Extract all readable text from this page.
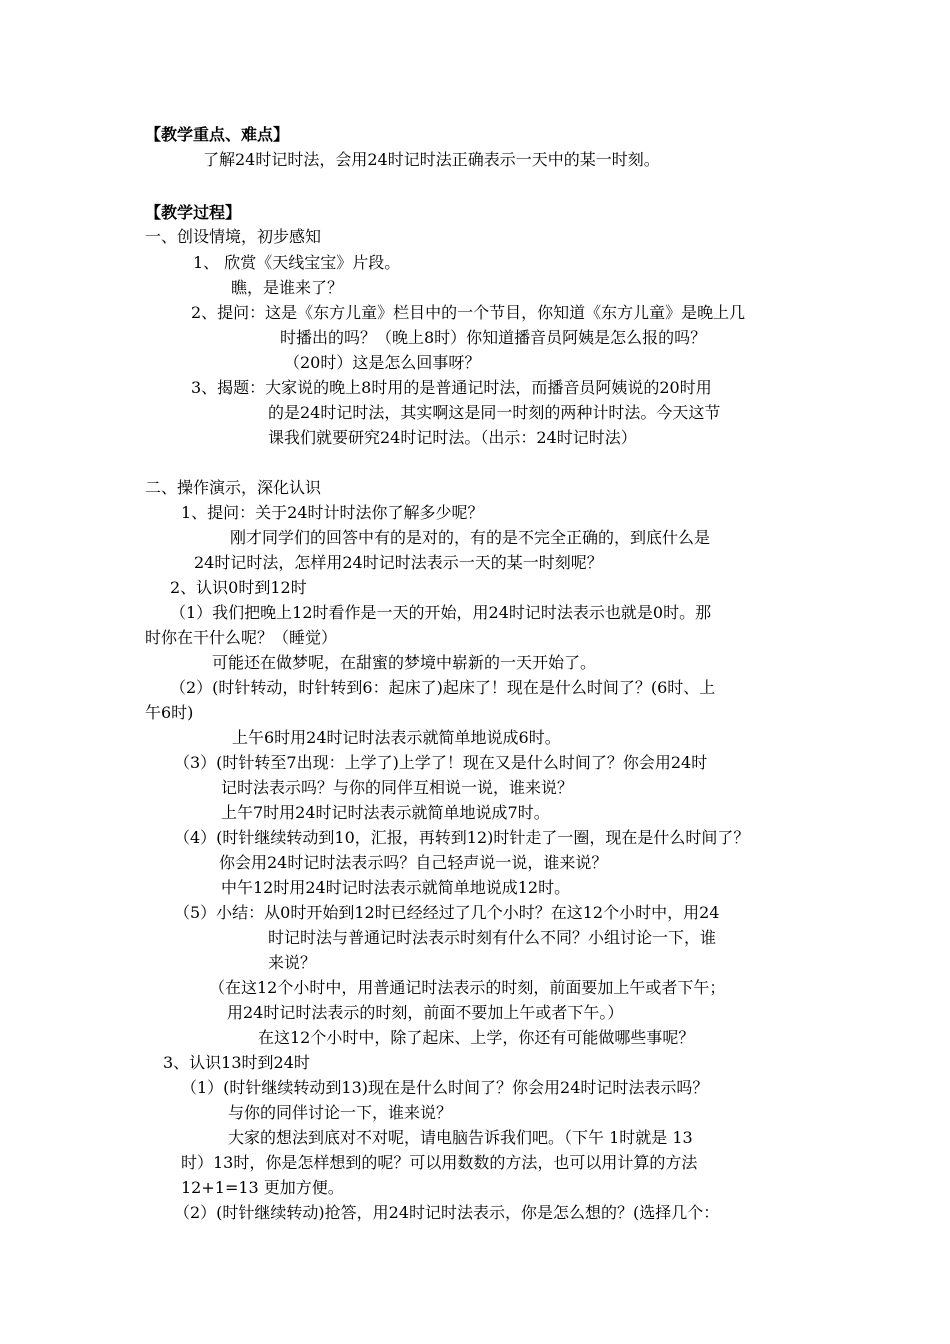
【教学重点、难点】
了解24时记时法，会用24时记时法正确表示一天中的某一时刻。
【教学过程】
一、创设情境，初步感知
1、 欣赏《天线宝宝》片段。
瞧，是谁来了？
2、提问：这是《东方儿童》栏目中的一个节目，你知道《东方儿童》是晚上几
时播出的吗？（晚上8时）你知道播音员阿姨是怎么报的吗？
（20时）这是怎么回事呀？
3、揭题：大家说的晚上8时用的是普通记时法，而播音员阿姨说的20时用
的是24时记时法，其实啊这是同一时刻的两种计时法。今天这节
课我们就要研究24时记时法。（出示：24时记时法）
二、操作演示，深化认识
1、提问：关于24时计时法你了解多少呢？
刚才同学们的回答中有的是对的，有的是不完全正确的，到底什么是
24时记时法，怎样用24时记时法表示一天的某一时刻呢？
2、认识0时到12时
（1）我们把晚上12时看作是一天的开始，用24时记时法表示也就是0时。那
时你在干什么呢？（睡觉）
可能还在做梦呢，在甜蜜的梦境中崭新的一天开始了。
（2）(时针转动，时针转到6：起床了)起床了！现在是什么时间了？(6时、上
午6时)
上午6时用24时记时法表示就简单地说成6时。
（3）(时针转至7出现：上学了)上学了！现在又是什么时间了？你会用24时
记时法表示吗？与你的同伴互相说一说，谁来说？
上午7时用24时记时法表示就简单地说成7时。
（4）(时针继续转动到10，汇报，再转到12)时针走了一圈，现在是什么时间了？
你会用24时记时法表示吗？自己轻声说一说，谁来说？
中午12时用24时记时法表示就简单地说成12时。
（5）小结：从0时开始到12时已经经过了几个小时？在这12个小时中，用24
时记时法与普通记时法表示时刻有什么不同？小组讨论一下，谁
来说？
（在这12个小时中，用普通记时法表示的时刻，前面要加上午或者下午；
用24时记时法表示的时刻，前面不要加上午或者下午。）
在这12个小时中，除了起床、上学，你还有可能做哪些事呢？
3、认识13时到24时
（1）(时针继续转动到13)现在是什么时间了？你会用24时记时法表示吗？
与你的同伴讨论一下，谁来说？
大家的想法到底对不对呢，请电脑告诉我们吧。（下午 1时就是 13
时）13时，你是怎样想到的呢？可以用数数的方法，也可以用计算的方法
12+1=13 更加方便。
（2）(时针继续转动)抢答，用24时记时法表示，你是怎么想的？(选择几个：
